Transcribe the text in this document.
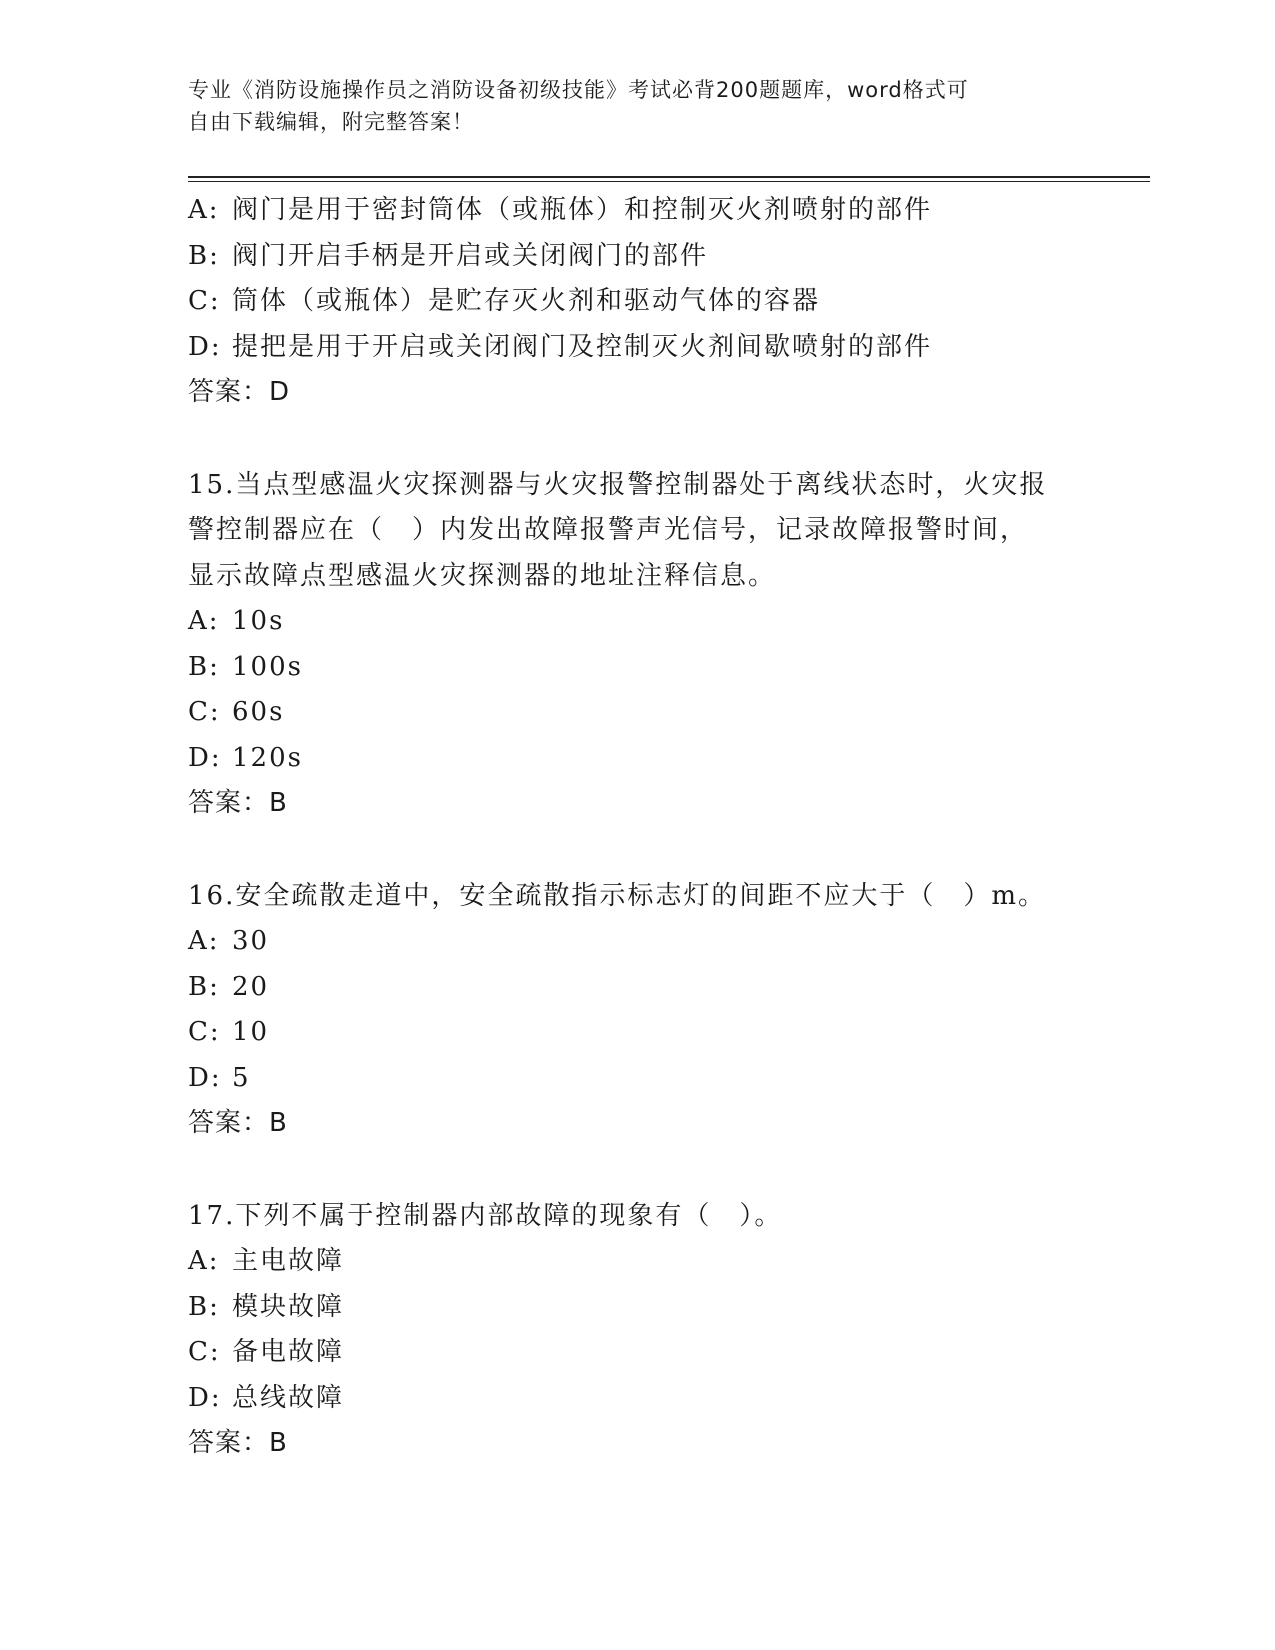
专业《消防设施操作员之消防设备初级技能》考试必背200题题库，word格式可
自由下载编辑，附完整答案！
A: 阀门是用于密封筒体（或瓶体）和控制灭火剂喷射的部件
B: 阀门开启手柄是开启或关闭阀门的部件
C: 筒体（或瓶体）是贮存灭火剂和驱动气体的容器
D: 提把是用于开启或关闭阀门及控制灭火剂间歇喷射的部件
答案：D
15.当点型感温火灾探测器与火灾报警控制器处于离线状态时，火灾报
警控制器应在（　）内发出故障报警声光信号，记录故障报警时间，
显示故障点型感温火灾探测器的地址注释信息。
A: 10s
B: 100s
C: 60s
D: 120s
答案：B
16.安全疏散走道中，安全疏散指示标志灯的间距不应大于（　）m。
A: 30
B: 20
C: 10
D: 5
答案：B
17.下列不属于控制器内部故障的现象有（　）。
A: 主电故障
B: 模块故障
C: 备电故障
D: 总线故障
答案：B
